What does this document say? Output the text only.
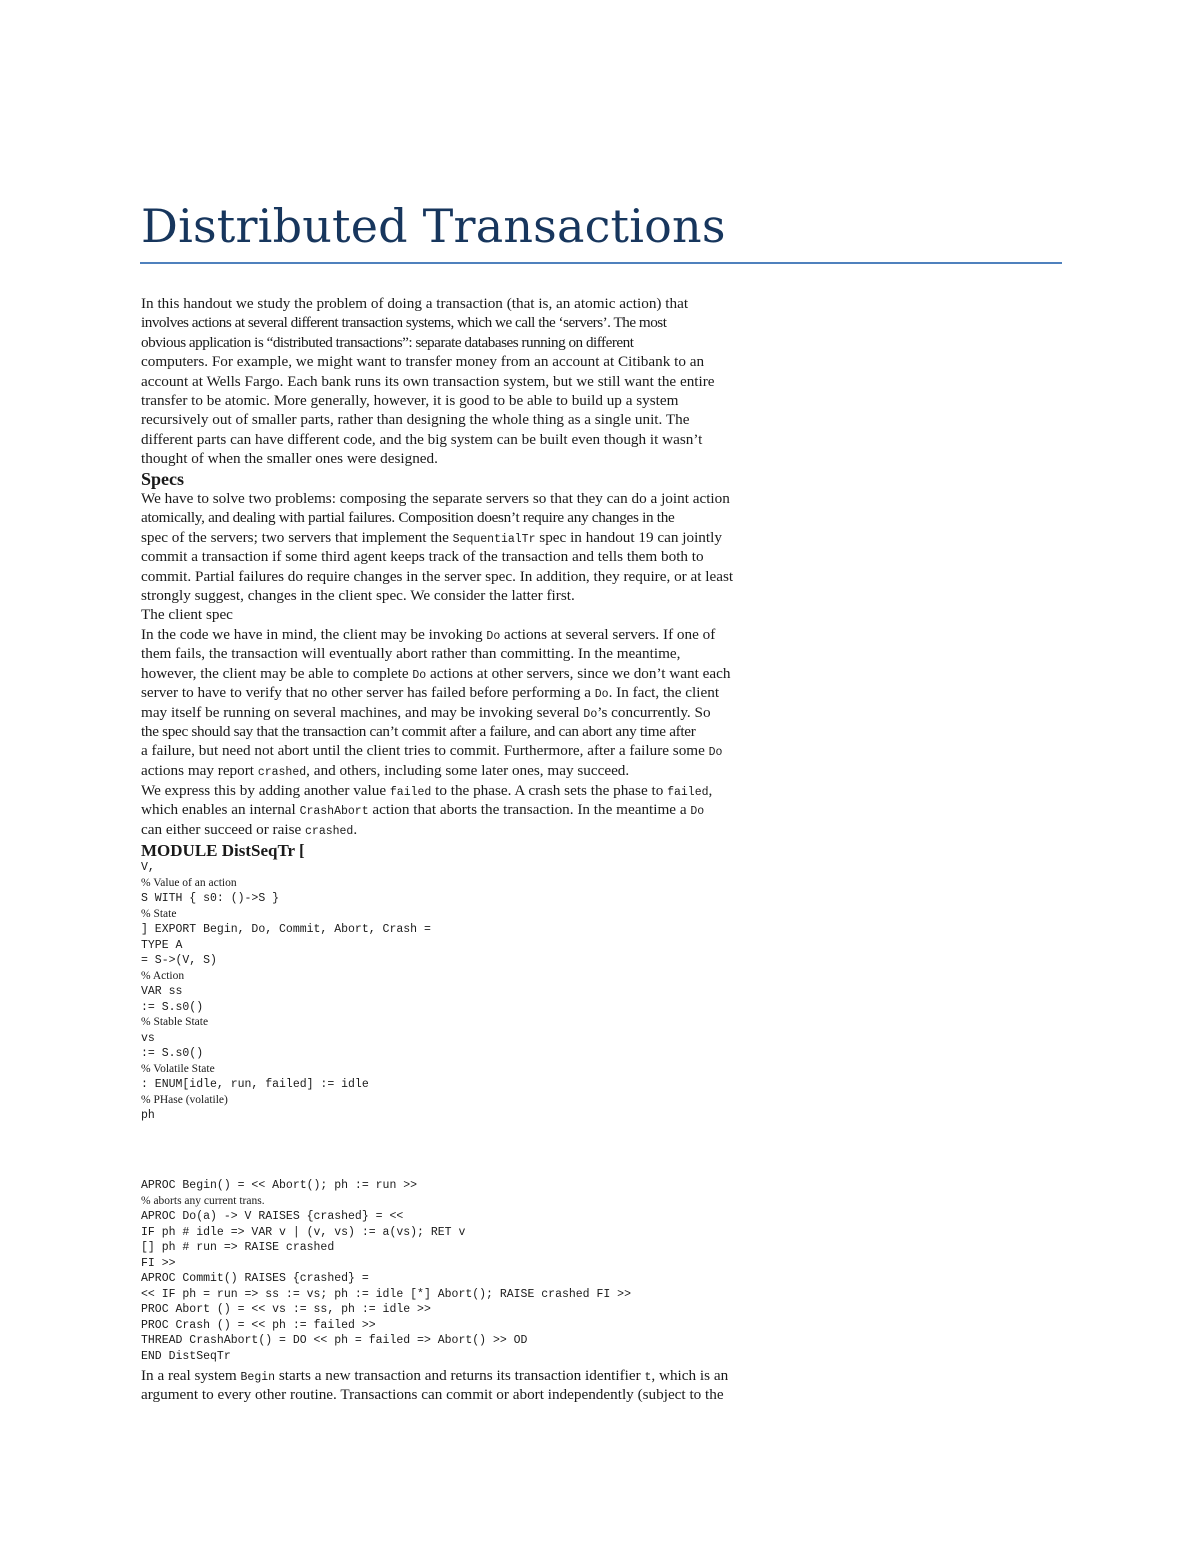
Distributed Transactions

In this handout we study the problem of doing a transaction (that is, an atomic action) that
involves actions at several different transaction systems, which we call the ‘servers’. The most
obvious application is “distributed transactions”: separate databases running on different
computers. For example, we might want to transfer money from an account at Citibank to an
account at Wells Fargo. Each bank runs its own transaction system, but we still want the entire
transfer to be atomic. More generally, however, it is good to be able to build up a system
recursively out of smaller parts, rather than designing the whole thing as a single unit. The
different parts can have different code, and the big system can be built even though it wasn’t
thought of when the smaller ones were designed.

Specs

We have to solve two problems: composing the separate servers so that they can do a joint action
atomically, and dealing with partial failures. Composition doesn’t require any changes in the
spec of the servers; two servers that implement the SequentialTr spec in handout 19 can jointly
commit a transaction if some third agent keeps track of the transaction and tells them both to
commit. Partial failures do require changes in the server spec. In addition, they require, or at least
strongly suggest, changes in the client spec. We consider the latter first.

The client spec

In the code we have in mind, the client may be invoking Do actions at several servers. If one of
them fails, the transaction will eventually abort rather than committing. In the meantime,
however, the client may be able to complete Do actions at other servers, since we don’t want each
server to have to verify that no other server has failed before performing a Do. In fact, the client
may itself be running on several machines, and may be invoking several Do’s concurrently. So
the spec should say that the transaction can’t commit after a failure, and can abort any time after
a failure, but need not abort until the client tries to commit. Furthermore, after a failure some Do
actions may report crashed, and others, including some later ones, may succeed.

We express this by adding another value failed to the phase. A crash sets the phase to failed,
which enables an internal CrashAbort action that aborts the transaction. In the meantime a Do
can either succeed or raise crashed.

MODULE DistSeqTr [
V,
% Value of an action
S WITH { s0: ()->S }
% State
] EXPORT Begin, Do, Commit, Abort, Crash =
TYPE A
= S->(V, S)
% Action
VAR ss
:= S.s0()
% Stable State
vs
:= S.s0()
% Volatile State
: ENUM[idle, run, failed] := idle
% PHase (volatile)
ph
APROC Begin() = << Abort(); ph := run >>
% aborts any current trans.
APROC Do(a) -> V RAISES {crashed} = <<
IF ph # idle => VAR v | (v, vs) := a(vs); RET v
[] ph # run => RAISE crashed
FI >>
APROC Commit() RAISES {crashed} =
<< IF ph = run => ss := vs; ph := idle [*] Abort(); RAISE crashed FI >>
PROC Abort () = << vs := ss, ph := idle >>
PROC Crash () = << ph := failed >>
THREAD CrashAbort() = DO << ph = failed => Abort() >> OD
END DistSeqTr

In a real system Begin starts a new transaction and returns its transaction identifier t, which is an
argument to every other routine. Transactions can commit or abort independently (subject to the
